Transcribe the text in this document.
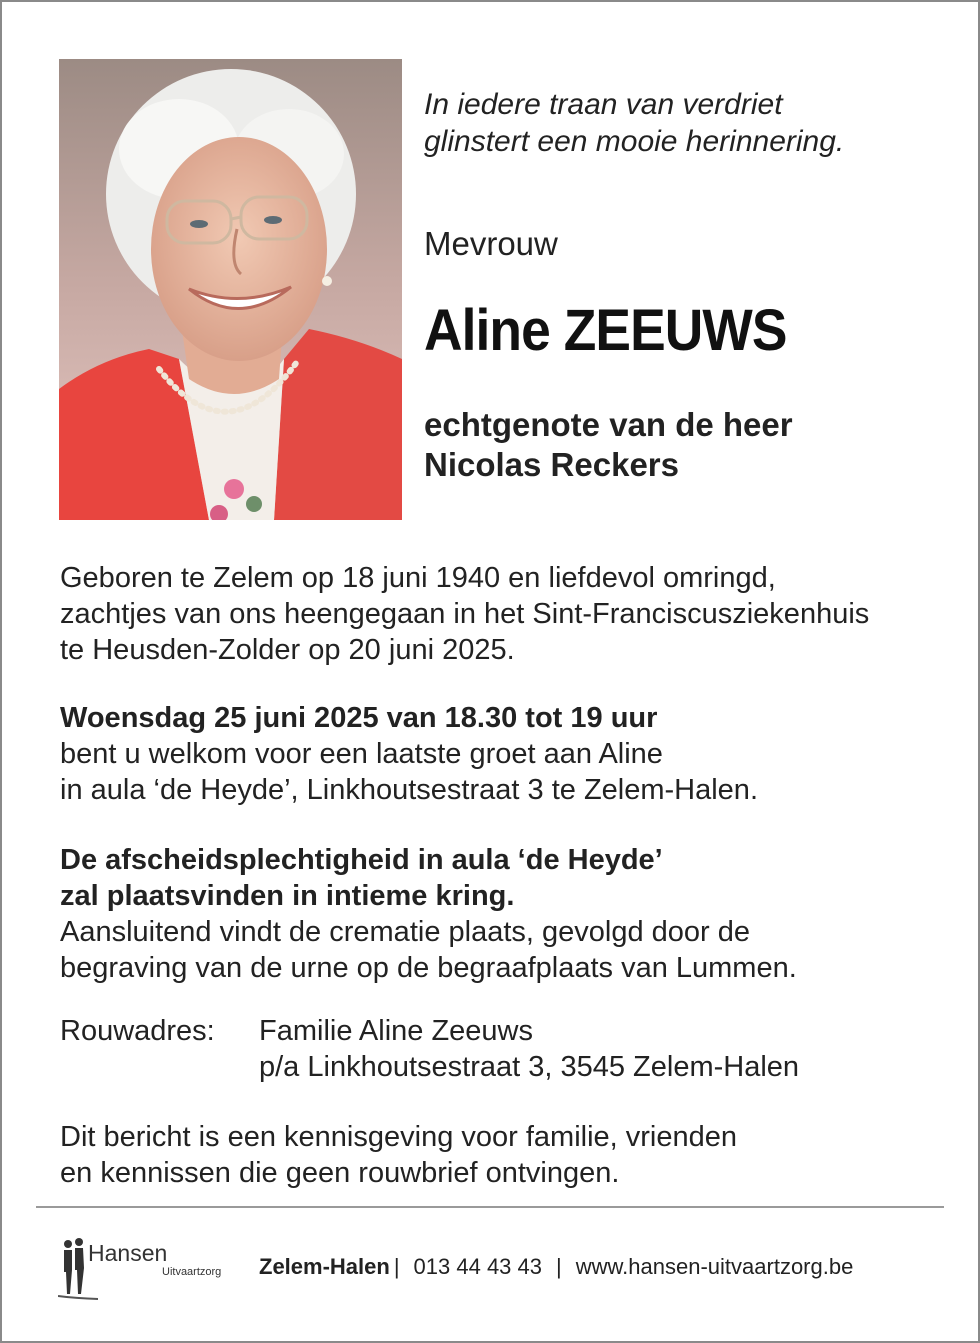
In iedere traan van verdriet
glinstert een mooie herinnering.
Mevrouw
Aline ZEEUWS
echtgenote van de heer
Nicolas Reckers
Geboren te Zelem op 18 juni 1940 en liefdevol omringd,
zachtjes van ons heengegaan in het Sint-Franciscusziekenhuis
te Heusden-Zolder op 20 juni 2025.
Woensdag 25 juni 2025 van 18.30 tot 19 uur
bent u welkom voor een laatste groet aan Aline
in aula ‘de Heyde’, Linkhoutsestraat 3 te Zelem-Halen.
De afscheidsplechtigheid in aula ‘de Heyde’
zal plaatsvinden in intieme kring.
Aansluitend vindt de crematie plaats, gevolgd door de
begraving van de urne op de begraafplaats van Lummen.
Rouwadres: Familie Aline Zeeuws
p/a Linkhoutsestraat 3, 3545 Zelem-Halen
Dit bericht is een kennisgeving voor familie, vrienden
en kennissen die geen rouwbrief ontvingen.
Hansen
Uitvaartzorg Zelem-Halen | 013 44 43 43 | www.hansen-uitvaartzorg.be
